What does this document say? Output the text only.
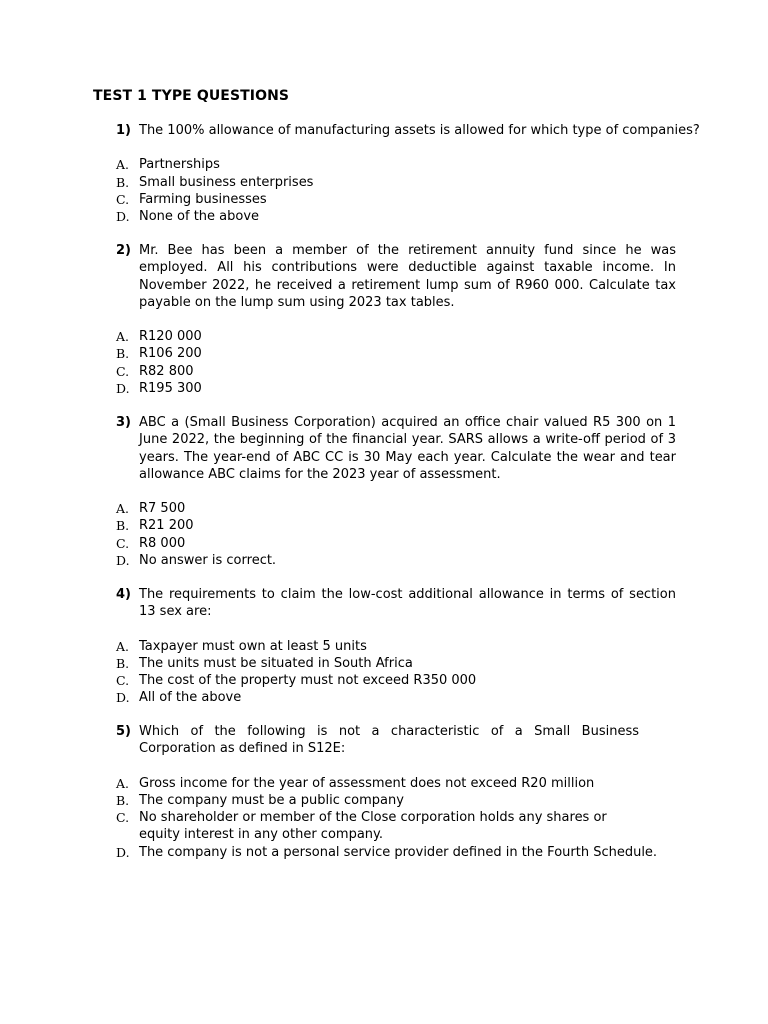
TEST 1 TYPE QUESTIONS
1) The 100% allowance of manufacturing assets is allowed for which type of companies?
A. Partnerships
B. Small business enterprises
C. Farming businesses
D. None of the above
2) Mr. Bee has been a member of the retirement annuity fund since he was employed. All his contributions were deductible against taxable income. In November 2022, he received a retirement lump sum of R960 000. Calculate tax payable on the lump sum using 2023 tax tables.
A. R120 000
B. R106 200
C. R82 800
D. R195 300
3) ABC a (Small Business Corporation) acquired an office chair valued R5 300 on 1 June 2022, the beginning of the financial year. SARS allows a write-off period of 3 years. The year-end of ABC CC is 30 May each year. Calculate the wear and tear allowance ABC claims for the 2023 year of assessment.
A. R7 500
B. R21 200
C. R8 000
D. No answer is correct.
4) The requirements to claim the low-cost additional allowance in terms of section 13 sex are:
A. Taxpayer must own at least 5 units
B. The units must be situated in South Africa
C. The cost of the property must not exceed R350 000
D. All of the above
5) Which of the following is not a characteristic of a Small Business Corporation as defined in S12E:
A. Gross income for the year of assessment does not exceed R20 million
B. The company must be a public company
C. No shareholder or member of the Close corporation holds any shares or equity interest in any other company.
D. The company is not a personal service provider defined in the Fourth Schedule.
